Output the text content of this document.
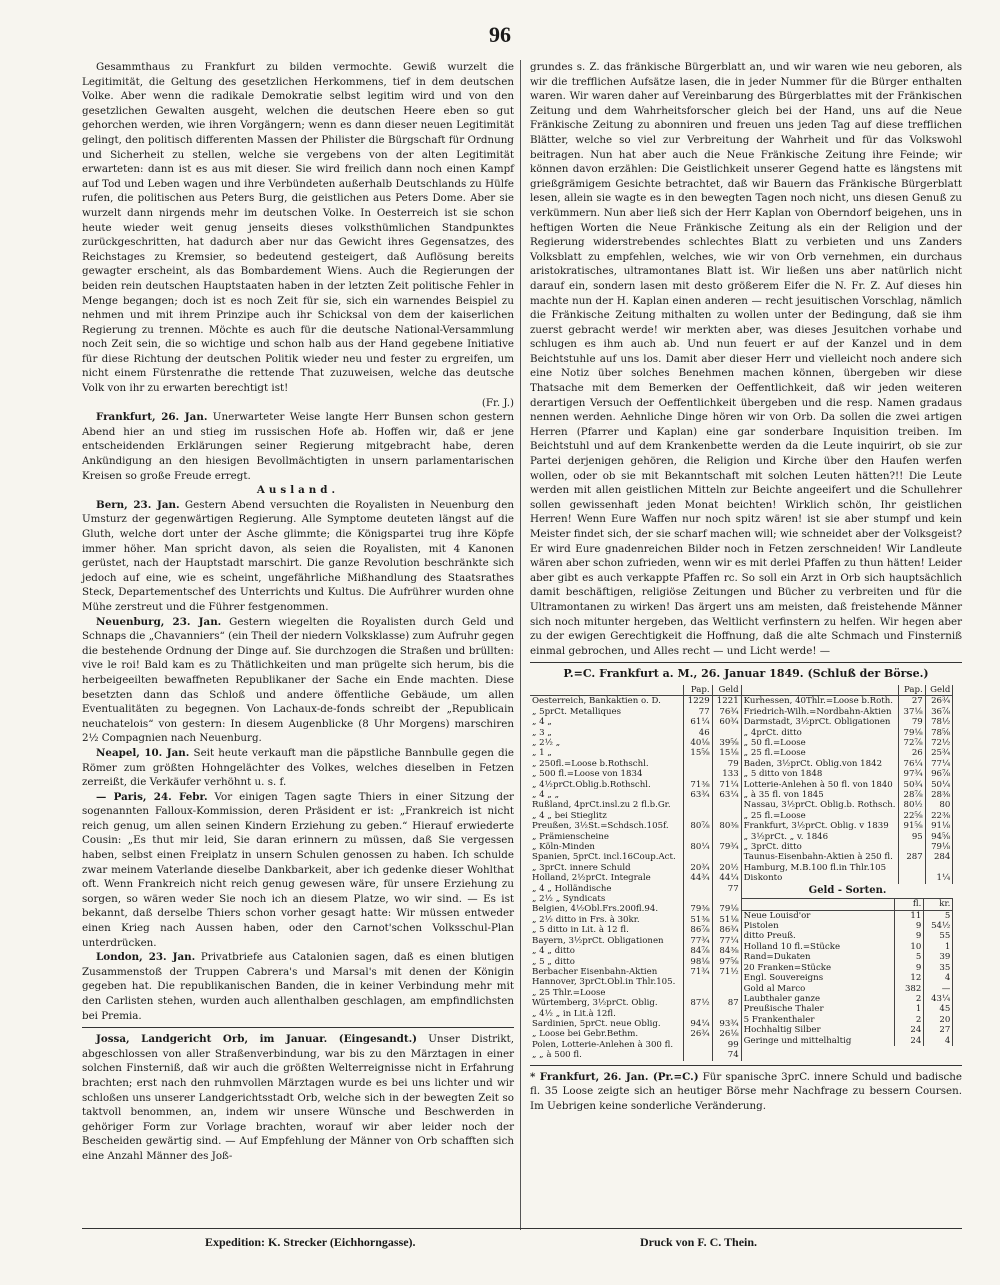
96

Gesammthaus zu Frankfurt zu bilden vermochte. Gewiß wurzelt die Legitimität, die Geltung des gesetzlichen Herkommens, tief in dem deutschen Volke. Aber wenn die radikale Demokratie selbst legitim wird und von den gesetzlichen Gewalten ausgeht, welchen die deutschen Heere eben so gut gehorchen werden, wie ihren Vorgängern; wenn es dann dieser neuen Legitimität gelingt, den politisch differenten Massen der Philister die Bürgschaft für Ordnung und Sicherheit zu stellen, welche sie vergebens von der alten Legitimität erwarteten: dann ist es aus mit dieser. Sie wird freilich dann noch einen Kampf auf Tod und Leben wagen und ihre Verbündeten außerhalb Deutschlands zu Hülfe rufen, die politischen aus Peters Burg, die geistlichen aus Peters Dome. Aber sie wurzelt dann nirgends mehr im deutschen Volke. In Oesterreich ist sie schon heute wieder weit genug jenseits dieses volksthümlichen Standpunktes zurückgeschritten, hat dadurch aber nur das Gewicht ihres Gegensatzes, des Reichstages zu Kremsier, so bedeutend gesteigert, daß Auflösung bereits gewagter erscheint, als das Bombardement Wiens. Auch die Regierungen der beiden rein deutschen Hauptstaaten haben in der letzten Zeit politische Fehler in Menge begangen; doch ist es noch Zeit für sie, sich ein warnendes Beispiel zu nehmen und mit ihrem Prinzipe auch ihr Schicksal von dem der kaiserlichen Regierung zu trennen. Möchte es auch für die deutsche National-Versammlung noch Zeit sein, die so wichtige und schon halb aus der Hand gegebene Initiative für diese Richtung der deutschen Politik wieder neu und fester zu ergreifen, um nicht einem Fürstenrathe die rettende That zuzuweisen, welche das deutsche Volk von ihr zu erwarten berechtigt ist!

(Fr. J.)

Frankfurt, 26. Jan. Unerwarteter Weise langte Herr Bunsen schon gestern Abend hier an und stieg im russischen Hofe ab. Hoffen wir, daß er jene entscheidenden Erklärungen seiner Regierung mitgebracht habe, deren Ankündigung an den hiesigen Bevollmächtigten in unsern parlamentarischen Kreisen so große Freude erregt.

Ausland.

Bern, 23. Jan. Gestern Abend versuchten die Royalisten in Neuenburg den Umsturz der gegenwärtigen Regierung. Alle Symptome deuteten längst auf die Gluth, welche dort unter der Asche glimmte; die Königspartei trug ihre Köpfe immer höher. Man spricht davon, als seien die Royalisten, mit 4 Kanonen gerüstet, nach der Hauptstadt marschirt. Die ganze Revolution beschränkte sich jedoch auf eine, wie es scheint, ungefährliche Mißhandlung des Staatsrathes Steck, Departementschef des Unterrichts und Kultus. Die Aufrührer wurden ohne Mühe zerstreut und die Führer festgenommen.

Neuenburg, 23. Jan. Gestern wiegelten die Royalisten durch Geld und Schnaps die „Chavanniers“ (ein Theil der niedern Volksklasse) zum Aufruhr gegen die bestehende Ordnung der Dinge auf. Sie durchzogen die Straßen und brüllten: vive le roi! Bald kam es zu Thätlichkeiten und man prügelte sich herum, bis die herbeigeeilten bewaffneten Republikaner der Sache ein Ende machten. Diese besetzten dann das Schloß und andere öffentliche Gebäude, um allen Eventualitäten zu begegnen. Von Lachaux-de-fonds schreibt der „Republicain neuchatelois“ von gestern: In diesem Augenblicke (8 Uhr Morgens) marschiren 2½ Compagnien nach Neuenburg.

Neapel, 10. Jan. Seit heute verkauft man die päpstliche Bannbulle gegen die Römer zum größten Hohngelächter des Volkes, welches dieselben in Fetzen zerreißt, die Verkäufer verhöhnt u. s. f.

— Paris, 24. Febr. Vor einigen Tagen sagte Thiers in einer Sitzung der sogenannten Falloux-Kommission, deren Präsident er ist: „Frankreich ist nicht reich genug, um allen seinen Kindern Erziehung zu geben.“ Hierauf erwiederte Cousin: „Es thut mir leid, Sie daran erinnern zu müssen, daß Sie vergessen haben, selbst einen Freiplatz in unsern Schulen genossen zu haben. Ich schulde zwar meinem Vaterlande dieselbe Dankbarkeit, aber ich gedenke dieser Wohlthat oft. Wenn Frankreich nicht reich genug gewesen wäre, für unsere Erziehung zu sorgen, so wären weder Sie noch ich an diesem Platze, wo wir sind. — Es ist bekannt, daß derselbe Thiers schon vorher gesagt hatte: Wir müssen entweder einen Krieg nach Aussen haben, oder den Carnot'schen Volksschul-Plan unterdrücken.

London, 23. Jan. Privatbriefe aus Catalonien sagen, daß es einen blutigen Zusammenstoß der Truppen Cabrera's und Marsal's mit denen der Königin gegeben hat. Die republikanischen Banden, die in keiner Verbindung mehr mit den Carlisten stehen, wurden auch allenthalben geschlagen, am empfindlichsten bei Premia.

Jossa, Landgericht Orb, im Januar. (Eingesandt.) Unser Distrikt, abgeschlossen von aller Straßenverbindung, war bis zu den Märztagen in einer solchen Finsterniß, daß wir auch die größten Welterreignisse nicht in Erfahrung brachten; erst nach den ruhmvollen Märztagen wurde es bei uns lichter und wir schloßen uns unserer Landgerichtsstadt Orb, welche sich in der bewegten Zeit so taktvoll benommen, an, indem wir unsere Wünsche und Beschwerden in gehöriger Form zur Vorlage brachten, worauf wir aber leider noch der Bescheiden gewärtig sind. — Auf Empfehlung der Männer von Orb schafften sich eine Anzahl Männer des Joß-

grundes s. Z. das fränkische Bürgerblatt an, und wir waren wie neu geboren, als wir die trefflichen Aufsätze lasen, die in jeder Nummer für die Bürger enthalten waren. Wir waren daher auf Vereinbarung des Bürgerblattes mit der Fränkischen Zeitung und dem Wahrheitsforscher gleich bei der Hand, uns auf die Neue Fränkische Zeitung zu abonniren und freuen uns jeden Tag auf diese trefflichen Blätter, welche so viel zur Verbreitung der Wahrheit und für das Volkswohl beitragen. Nun hat aber auch die Neue Fränkische Zeitung ihre Feinde; wir können davon erzählen: Die Geistlichkeit unserer Gegend hatte es längstens mit grießgrämigem Gesichte betrachtet, daß wir Bauern das Fränkische Bürgerblatt lesen, allein sie wagte es in den bewegten Tagen noch nicht, uns diesen Genuß zu verkümmern. Nun aber ließ sich der Herr Kaplan von Oberndorf beigehen, uns in heftigen Worten die Neue Fränkische Zeitung als ein der Religion und der Regierung widerstrebendes schlechtes Blatt zu verbieten und uns Zanders Volksblatt zu empfehlen, welches, wie wir von Orb vernehmen, ein durchaus aristokratisches, ultramontanes Blatt ist. Wir ließen uns aber natürlich nicht darauf ein, sondern lasen mit desto größerem Eifer die N. Fr. Z. Auf dieses hin machte nun der H. Kaplan einen anderen — recht jesuitischen Vorschlag, nämlich die Fränkische Zeitung mithalten zu wollen unter der Bedingung, daß sie ihm zuerst gebracht werde! wir merkten aber, was dieses Jesuitchen vorhabe und schlugen es ihm auch ab. Und nun feuert er auf der Kanzel und in dem Beichtstuhle auf uns los. Damit aber dieser Herr und vielleicht noch andere sich eine Notiz über solches Benehmen machen können, übergeben wir diese Thatsache mit dem Bemerken der Oeffentlichkeit, daß wir jeden weiteren derartigen Versuch der Oeffentlichkeit übergeben und die resp. Namen gradaus nennen werden. Aehnliche Dinge hören wir von Orb. Da sollen die zwei artigen Herren (Pfarrer und Kaplan) eine gar sonderbare Inquisition treiben. Im Beichtstuhl und auf dem Krankenbette werden da die Leute inquirirt, ob sie zur Partei derjenigen gehören, die Religion und Kirche über den Haufen werfen wollen, oder ob sie mit Bekanntschaft mit solchen Leuten hätten?!! Die Leute werden mit allen geistlichen Mitteln zur Beichte angeeifert und die Schullehrer sollen gewissenhaft jeden Monat beichten! Wirklich schön, Ihr geistlichen Herren! Wenn Eure Waffen nur noch spitz wären! ist sie aber stumpf und kein Meister findet sich, der sie scharf machen will; wie schneidet aber der Volksgeist? Er wird Eure gnadenreichen Bilder noch in Fetzen zerschneiden! Wir Landleute wären aber schon zufrieden, wenn wir es mit derlei Pfaffen zu thun hätten! Leider aber gibt es auch verkappte Pfaffen rc. So soll ein Arzt in Orb sich hauptsächlich damit beschäftigen, religiöse Zeitungen und Bücher zu verbreiten und für die Ultramontanen zu wirken! Das ärgert uns am meisten, daß freistehende Männer sich noch mitunter hergeben, das Weltlicht verfinstern zu helfen. Wir hegen aber zu der ewigen Gerechtigkeit die Hoffnung, daß die alte Schmach und Finsterniß einmal gebrochen, und Alles recht — und Licht werde! —

P.=C. Frankfurt a. M., 26. Januar 1849. (Schluß der Börse.)
	Pap.	Geld
Oesterreich, Bankaktien o. D.	1229	1221
„ 5prCt. Metalliques	77	76¾
„ 4 „	61¼	60¾
„ 3 „	46	
„ 2½ „	40⅛	39⅝
„ 1 „	15⅝	15⅛
„ 250fl.=Loose b.Rothschl.		79
„ 500 fl.=Loose von 1834		133
„ 4½prCt.Oblig.b.Rothschl.	71⅜	71¼
„ 4 „ „	63¾	63¼
Rußland, 4prCt.insl.zu 2 fl.b.Gr.		
„ 4 „ bei Stieglitz		
Preußen, 3½St.=Schdsch.105f.	80⅞	80⅜
„ Prämienscheine		
„ Köln-Minden	80¼	79¾
Spanien, 5prCt. incl.16Coup.Act.		
„ 3prCt. innere Schuld	20¾	20½
Holland, 2½prCt. Integrale	44¾	44¼
„ 4 „ Holländische		77
„ 2½ „ Syndicats		
Belgien, 4½Obl.Frs.200fl.94.	79⅜	79⅛
„ 2½ ditto in Frs. à 30kr.	51⅜	51⅛
„ 5 ditto in Lit. à 12 fl.	86⅞	86¾
Bayern, 3½prCt. Obligationen	77¾	77¼
„ 4 „ ditto	84⅞	84⅜
„ 5 „ ditto	98⅛	97⅝
Berbacher Eisenbahn-Aktien	71¾	71½
Hannover, 3prCt.Obl.in Thlr.105.		
„ 25 Thlr.=Loose		
Würtemberg, 3½prCt. Oblig.	87½	87
„ 4½ „ in Lit.à 12fl.		
Sardinien, 5prCt. neue Oblig.	94¼	93¾
„ Loose bei Gebr.Bethm.	26¾	26⅛
Polen, Lotterie-Anlehen à 300 fl.		99
„ „ à 500 fl.		74
	Pap.	Geld
Kurhessen, 40Thlr.=Loose b.Roth.	27	26¾
Friedrich-Wilh.=Nordbahn-Aktien	37⅛	36⅞
Darmstadt, 3½prCt. Obligationen	79	78½
„ 4prCt. ditto	79⅛	78⅝
„ 50 fl.=Loose	72⅞	72½
„ 25 fl.=Loose	26	25¾
Baden, 3½prCt. Oblig.von 1842	76¼	77¼
„ 5 ditto von 1848	97¾	96⅞
Lotterie-Anlehen à 50 fl. von 1840	50¾	50¼
„ à 35 fl. von 1845	28⅞	28⅜
Nassau, 3½prCt. Oblig.b. Rothsch.	80½	80
„ 25 fl.=Loose	22⅝	22⅜
Frankfurt, 3½prCt. Oblig. v 1839	91⅝	91⅛
„ 3½prCt. „ v. 1846	95	94⅝
„ 3prCt. ditto		79⅛
Taunus-Eisenbahn-Aktien à 250 fl.	287	284
Hamburg, M.B.100 fl.in Thlr.105		
Diskonto		1¼
Geld - Sorten.
	fl.	kr.
Neue Louisd'or	11	5
Pistolen	9	54½
ditto Preuß.	9	55
Holland 10 fl.=Stücke	10	1
Rand=Dukaten	5	39
20 Franken=Stücke	9	35
Engl. Souvereigns	12	4
Gold al Marco	382	—
Laubthaler ganze	2	43¼
Preußische Thaler	1	45
5 Frankenthaler	2	20
Hochhaltig Silber	24	27
Geringe und mittelhaltig	24	4

* Frankfurt, 26. Jan. (Pr.=C.) Für spanische 3prC. innere Schuld und badische fl. 35 Loose zeigte sich an heutiger Börse mehr Nachfrage zu bessern Coursen. Im Uebrigen keine sonderliche Veränderung.

Expedition: K. Strecker (Eichhorngasse).	Druck von F. C. Thein.
